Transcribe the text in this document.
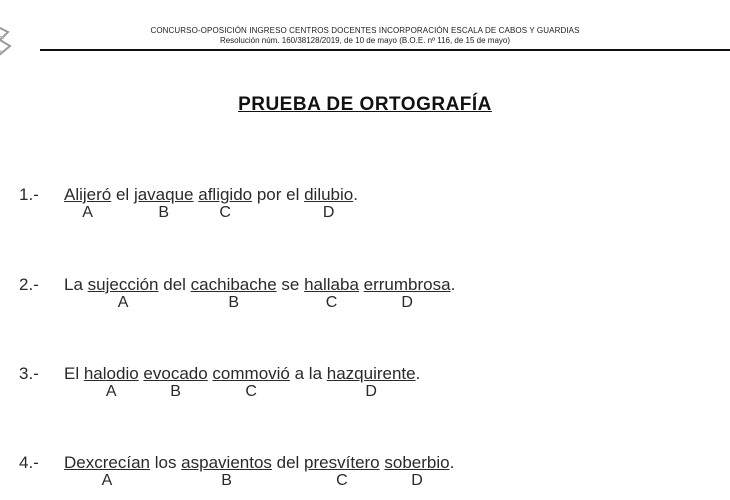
CONCURSO-OPOSICIÓN INGRESO CENTROS DOCENTES INCORPORACIÓN ESCALA DE CABOS Y GUARDIAS
Resolución núm. 160/38128/2019, de 10 de mayo (B.O.E. nº 116, de 15 de mayo)
PRUEBA DE ORTOGRAFÍA
1.- Alijeró
A
el javaque
B
afligido
C
por el dilubio
D
.
2.- La sujección
A
del cachibache
B
se hallaba
C
errumbrosa
D
.
3.- El halodio
A
evocado
B
commovió
C
a la hazquirente
D
.
4.- Dexcrecían
A
los aspavientos
B
del presvítero
C
soberbio
D
.
